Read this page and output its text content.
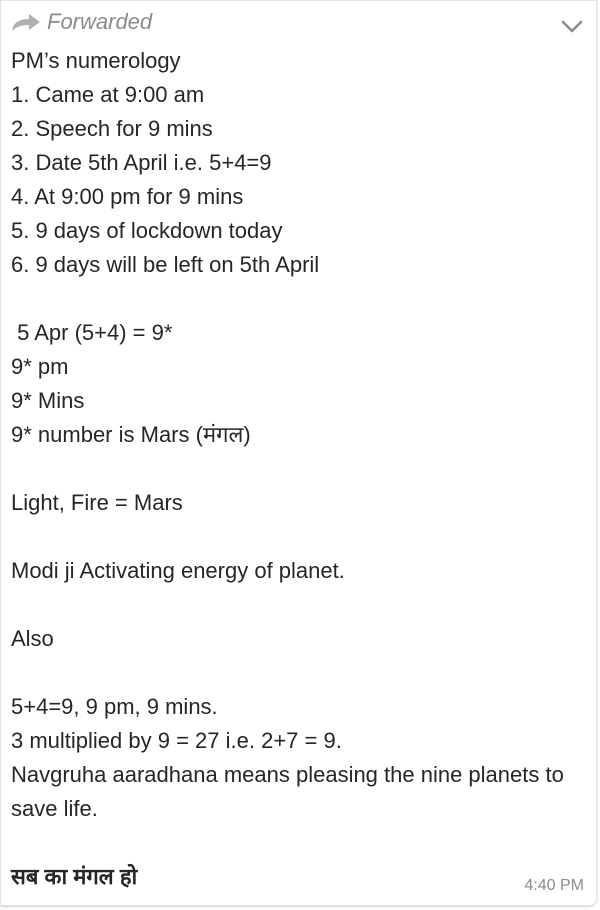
Forwarded
PM’s numerology
1. Came at 9:00 am
2. Speech for 9 mins
3. Date 5th April i.e. 5+4=9
4. At 9:00 pm for 9 mins
5. 9 days of lockdown today
6. 9 days will be left on 5th April
5 Apr (5+4) = 9*
9* pm
9* Mins
9* number is Mars (मंगल)
Light, Fire = Mars
Modi ji Activating energy of planet.
Also
5+4=9, 9 pm, 9 mins.
3 multiplied by 9 = 27 i.e. 2+7 = 9.
Navgruha aaradhana means pleasing the nine planets to save life.
सब का मंगल हो	4:40 PM
